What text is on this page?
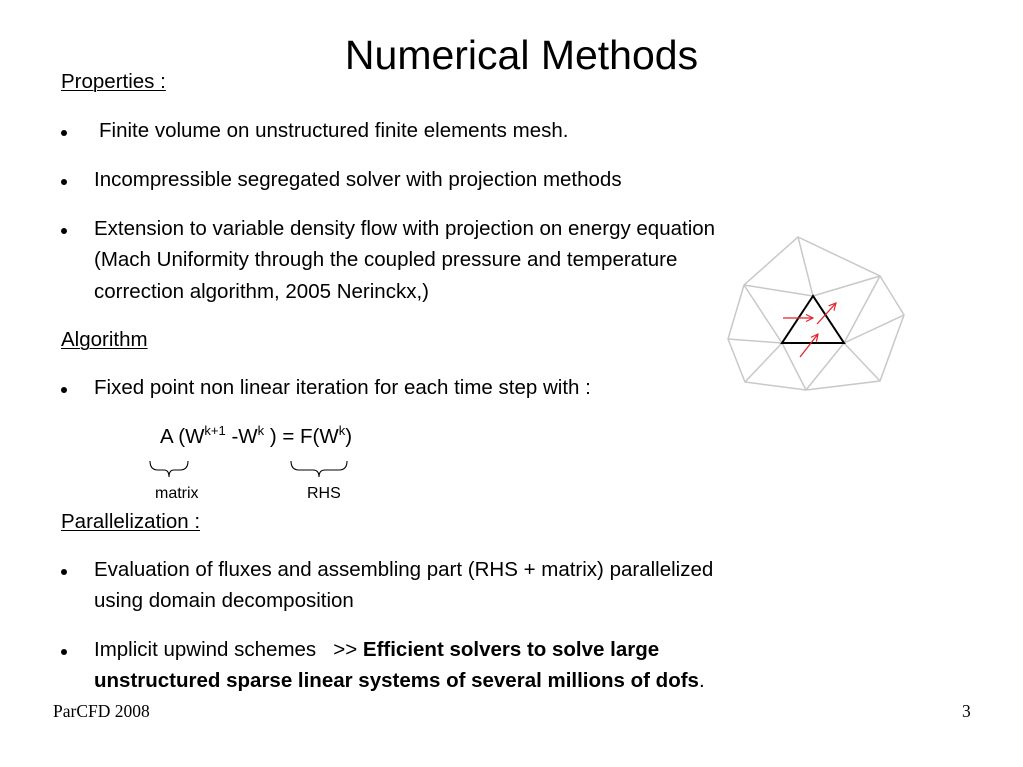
Numerical Methods
Properties :
Finite volume on unstructured finite elements mesh.
Incompressible segregated solver with projection methods
Extension to variable density flow with projection on energy equation
(Mach Uniformity through the coupled pressure and temperature
correction algorithm, 2005 Nerinckx,)
Algorithm
Fixed point non linear iteration for each time step with :
A ($W^{k+1}$ $-W^k$ ) = $F(W^k)$
matrix	RHS
Parallelization :
Evaluation of fluxes and assembling part (RHS + matrix) parallelized
using domain decomposition
Implicit upwind schemes   >> Efficient solvers to solve large
unstructured sparse linear systems of several millions of dofs.
ParCFD 2008	3
